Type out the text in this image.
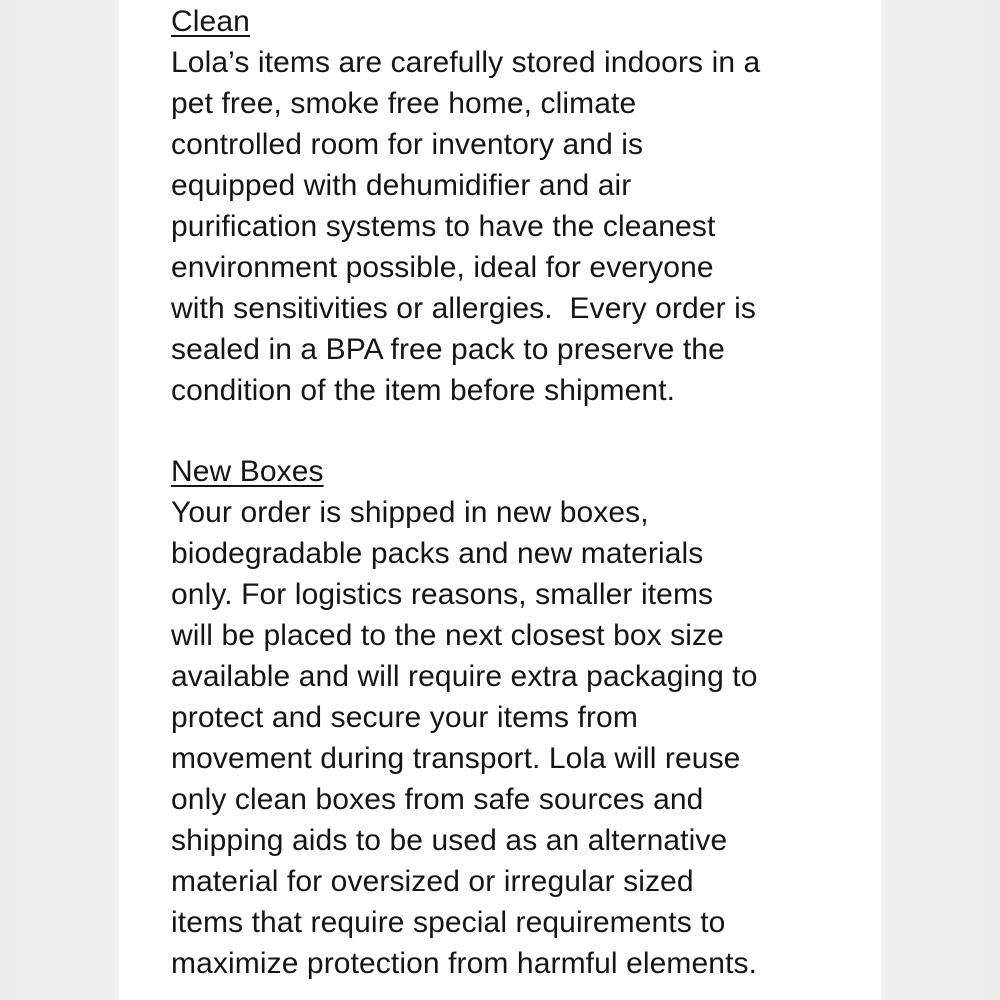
Clean
Lola’s items are carefully stored indoors in a
pet free, smoke free home, climate
controlled room for inventory and is
equipped with dehumidifier and air
purification systems to have the cleanest
environment possible, ideal for everyone
with sensitivities or allergies.  Every order is
sealed in a BPA free pack to preserve the
condition of the item before shipment.
New Boxes
Your order is shipped in new boxes,
biodegradable packs and new materials
only. For logistics reasons, smaller items
will be placed to the next closest box size
available and will require extra packaging to
protect and secure your items from
movement during transport. Lola will reuse
only clean boxes from safe sources and
shipping aids to be used as an alternative
material for oversized or irregular sized
items that require special requirements to
maximize protection from harmful elements.
